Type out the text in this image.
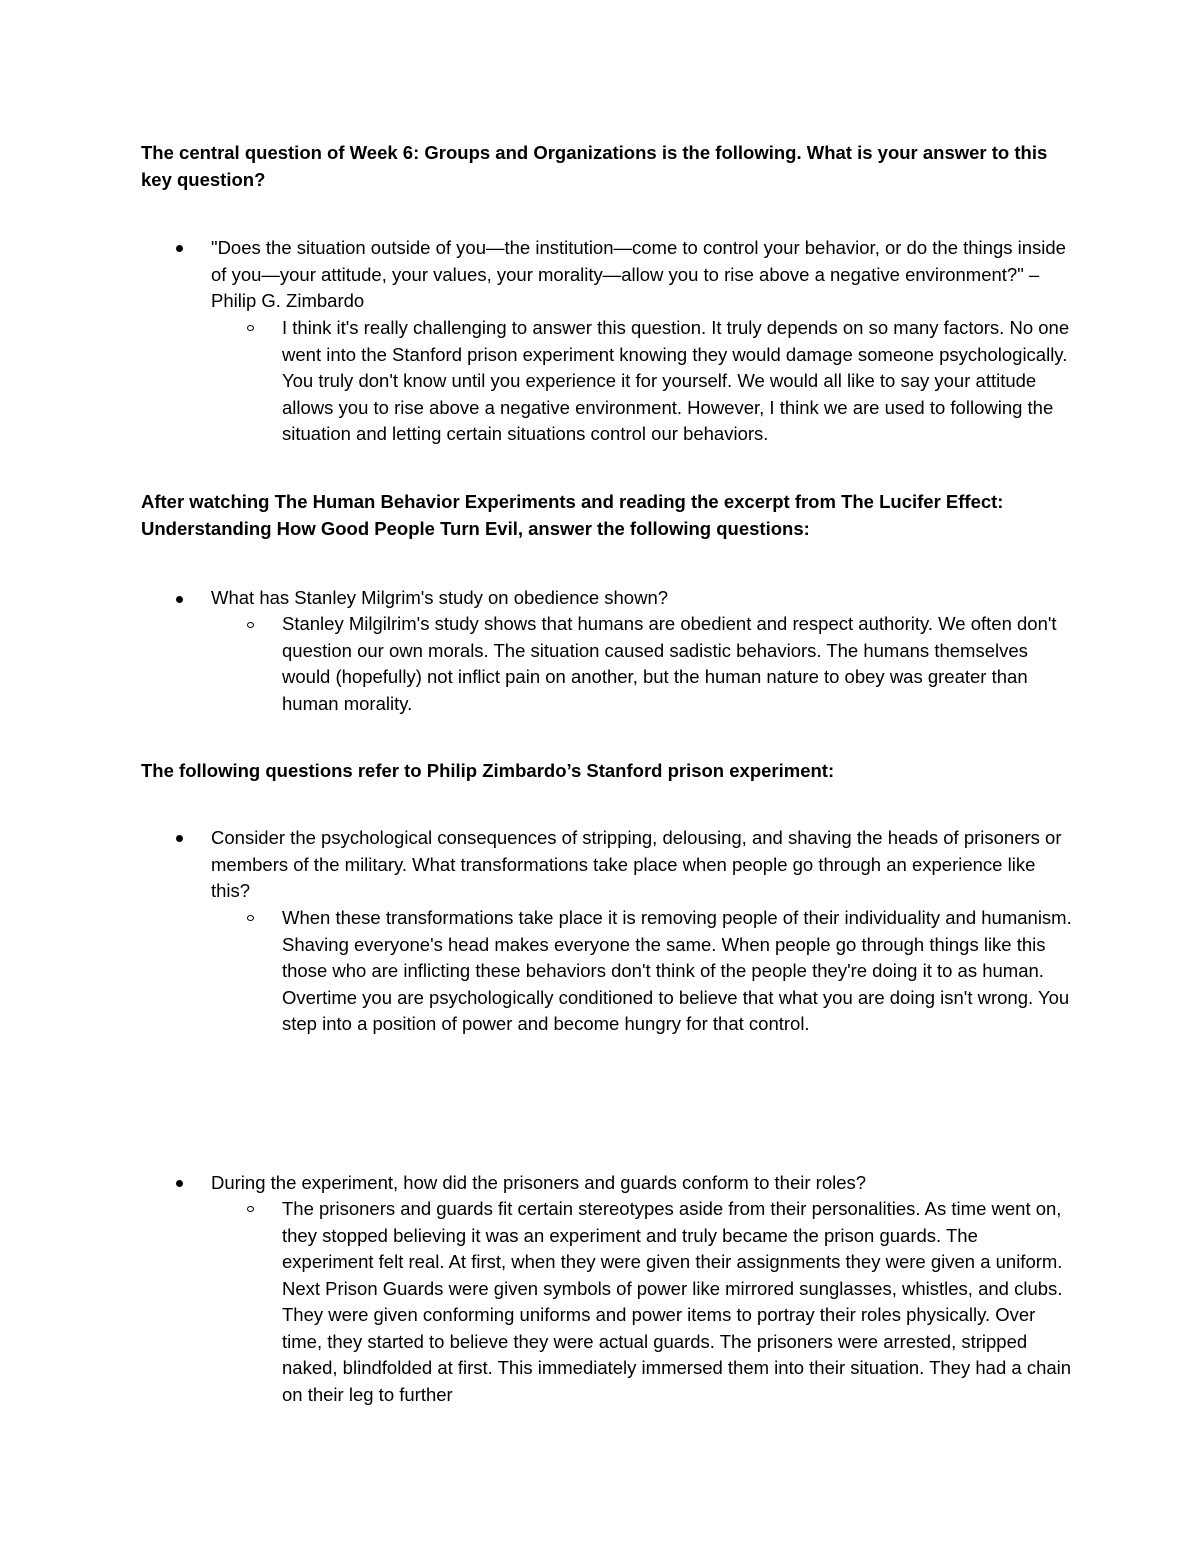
The central question of Week 6: Groups and Organizations is the following. What is your answer to this key question?
"Does the situation outside of you—the institution—come to control your behavior, or do the things inside of you—your attitude, your values, your morality—allow you to rise above a negative environment?" –Philip G. Zimbardo
I think it's really challenging to answer this question. It truly depends on so many factors. No one went into the Stanford prison experiment knowing they would damage someone psychologically. You truly don't know until you experience it for yourself. We would all like to say your attitude allows you to rise above a negative environment. However, I think we are used to following the situation and letting certain situations control our behaviors.
After watching The Human Behavior Experiments and reading the excerpt from The Lucifer Effect: Understanding How Good People Turn Evil, answer the following questions:
What has Stanley Milgrim's study on obedience shown?
Stanley Milgilrim's study shows that humans are obedient and respect authority. We often don't question our own morals. The situation caused sadistic behaviors. The humans themselves would (hopefully) not inflict pain on another, but the human nature to obey was greater than human morality.
The following questions refer to Philip Zimbardo’s Stanford prison experiment:
Consider the psychological consequences of stripping, delousing, and shaving the heads of prisoners or members of the military. What transformations take place when people go through an experience like this?
When these transformations take place it is removing people of their individuality and humanism. Shaving everyone's head makes everyone the same. When people go through things like this those who are inflicting these behaviors don't think of the people they're doing it to as human. Overtime you are psychologically conditioned to believe that what you are doing isn't wrong. You step into a position of power and become hungry for that control.
During the experiment, how did the prisoners and guards conform to their roles?
The prisoners and guards fit certain stereotypes aside from their personalities. As time went on, they stopped believing it was an experiment and truly became the prison guards. The experiment felt real. At first, when they were given their assignments they were given a uniform. Next Prison Guards were given symbols of power like mirrored sunglasses, whistles, and clubs. They were given conforming uniforms and power items to portray their roles physically. Over time, they started to believe they were actual guards. The prisoners were arrested, stripped naked, blindfolded at first. This immediately immersed them into their situation. They had a chain on their leg to further
